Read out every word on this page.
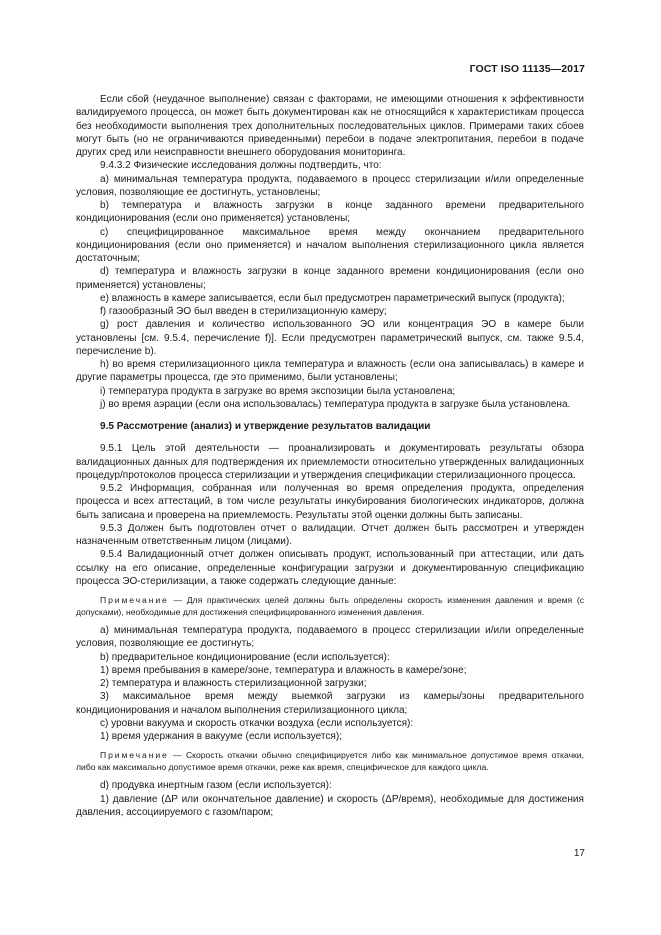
ГОСТ ISO 11135—2017

Если сбой (неудачное выполнение) связан с факторами, не имеющими отношения к эффективности валидируемого процесса, он может быть документирован как не относящийся к характеристикам процесса без необходимости выполнения трех дополнительных последовательных циклов. Примерами таких сбоев могут быть (но не ограничиваются приведенными) перебои в подаче электропитания, перебои в подаче других сред или неисправности внешнего оборудования мониторинга.

9.4.3.2 Физические исследования должны подтвердить, что:

a) минимальная температура продукта, подаваемого в процесс стерилизации и/или определенные условия, позволяющие ее достигнуть, установлены;

b) температура и влажность загрузки в конце заданного времени предварительного кондиционирования (если оно применяется) установлены;

c) специфицированное максимальное время между окончанием предварительного кондиционирования (если оно применяется) и началом выполнения стерилизационного цикла является достаточным;

d) температура и влажность загрузки в конце заданного времени кондиционирования (если оно применяется) установлены;

e) влажность в камере записывается, если был предусмотрен параметрический выпуск (продукта);

f) газообразный ЭО был введен в стерилизационную камеру;

g) рост давления и количество использованного ЭО или концентрация ЭО в камере были установлены [см. 9.5.4, перечисление f)]. Если предусмотрен параметрический выпуск, см. также 9.5.4, перечисление b).

h) во время стерилизационного цикла температура и влажность (если она записывалась) в камере и другие параметры процесса, где это применимо, были установлены;

i) температура продукта в загрузке во время экспозиции была установлена;

j) во время аэрации (если она использовалась) температура продукта в загрузке была установлена.

9.5 Рассмотрение (анализ) и утверждение результатов валидации

9.5.1 Цель этой деятельности — проанализировать и документировать результаты обзора валидационных данных для подтверждения их приемлемости относительно утвержденных валидационных процедур/протоколов процесса стерилизации и утверждения спецификации стерилизационного процесса.

9.5.2 Информация, собранная или полученная во время определения продукта, определения процесса и всех аттестаций, в том числе результаты инкубирования биологических индикаторов, должна быть записана и проверена на приемлемость. Результаты этой оценки должны быть записаны.

9.5.3 Должен быть подготовлен отчет о валидации. Отчет должен быть рассмотрен и утвержден назначенным ответственным лицом (лицами).

9.5.4 Валидационный отчет должен описывать продукт, использованный при аттестации, или дать ссылку на его описание, определенные конфигурации загрузки и документированную спецификацию процесса ЭО-стерилизации, а также содержать следующие данные:

Примечание — Для практических целей должны быть определены скорость изменения давления и время (с допусками), необходимые для достижения специфицированного изменения давления.

a) минимальная температура продукта, подаваемого в процесс стерилизации и/или определенные условия, позволяющие ее достигнуть;

b) предварительное кондиционирование (если используется):

1) время пребывания в камере/зоне, температура и влажность в камере/зоне;

2) температура и влажность стерилизационной загрузки;

3) максимальное время между выемкой загрузки из камеры/зоны предварительного кондиционирования и началом выполнения стерилизационного цикла;

c) уровни вакуума и скорость откачки воздуха (если используется):

1) время удержания в вакууме (если используется);

Примечание — Скорость откачки обычно специфицируется либо как минимальное допустимое время откачки, либо как максимально допустимое время откачки, реже как время, специфическое для каждого цикла.

d) продувка инертным газом (если используется):

1) давление (ΔP или окончательное давление) и скорость (ΔP/время), необходимые для достижения давления, ассоциируемого с газом/паром;

17
